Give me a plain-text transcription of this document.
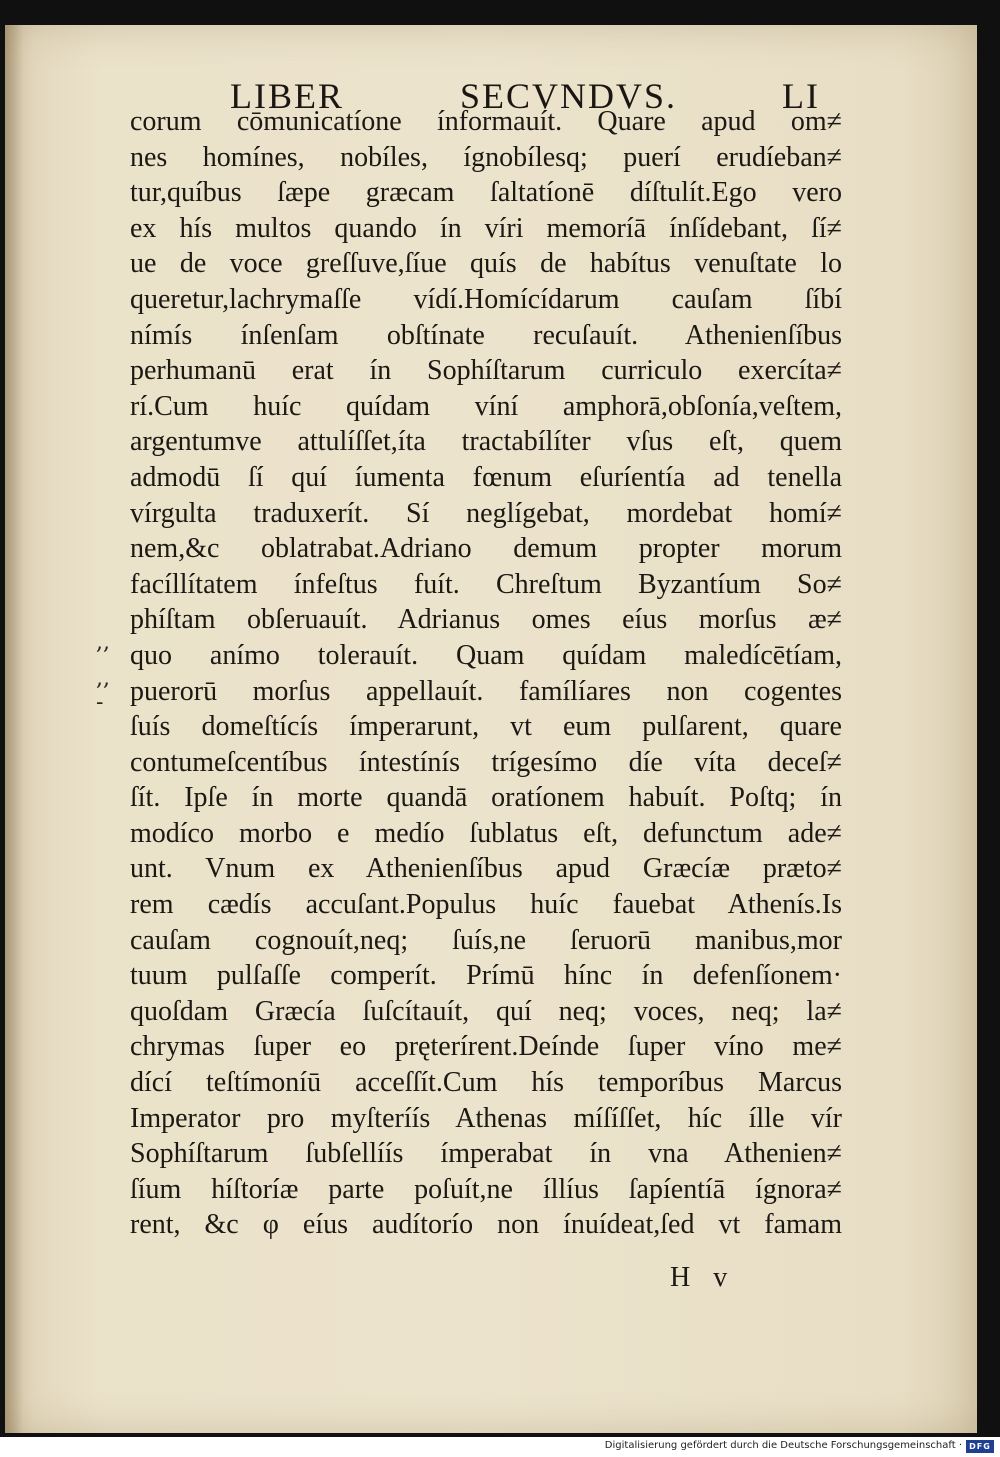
LIBER	SECVNDVS.	LI
,,
,,
-
corum cōmunicatíone ínformauít. Quare apud om≠
nes homínes, nobíles, ígnobílesq; puerí erudíeban≠
tur,quíbus ſæpe græcam ſaltatíonē díſtulít.Ego vero
ex hís multos quando ín víri memoríā ínſídebant, ſí≠
ue de voce greſſuve,ſíue quís de habítus venuſtate lo
queretur,lachrymaſſe vídí.Homícídarum cauſam ſíbí
nímís ínſenſam obſtínate recuſauít. Athenienſíbus
perhumanū erat ín Sophíſtarum curriculo exercíta≠
rí.Cum huíc quídam víní amphorā,obſonía,veſtem,
argentumve attulíſſet,íta tractabílíter vſus eſt, quem
admodū ſí quí íumenta fœnum eſuríentía ad tenella
vírgulta traduxerít. Sí neglígebat, mordebat homí≠
nem,&c oblatrabat.Adriano demum propter morum
facíllítatem ínfeſtus fuít. Chreſtum Byzantíum So≠
phíſtam obſeruauít. Adrianus omes eíus morſus æ≠
quo anímo tolerauít. Quam quídam maledícētíam,
puerorū morſus appellauít. famílíares non cogentes
ſuís domeſtícís ímperarunt, vt eum pulſarent, quare
contumeſcentíbus íntestínís trígesímo díe víta deceſ≠
ſít. Ipſe ín morte quandā oratíonem habuít. Poſtq; ín
modíco morbo e medío ſublatus eſt, defunctum ade≠
unt. Vnum ex Athenienſíbus apud Græcíæ præto≠
rem cædís accuſant.Populus huíc fauebat Athenís.Is
cauſam cognouít,neq; ſuís,ne ſeruorū manibus,mor
tuum pulſaſſe comperít. Prímū hínc ín defenſíonem·
quoſdam Græcía ſuſcítauít, quí neq; voces, neq; la≠
chrymas ſuper eo pręterírent.Deínde ſuper víno me≠
dící teſtímoníū acceſſít.Cum hís temporíbus Marcus
Imperator pro myſteríís Athenas míſíſſet, híc ílle vír
Sophíſtarum ſubſellíís ímperabat ín vna Athenien≠
ſíum híſtoríæ parte poſuít,ne íllíus ſapíentíā ígnora≠
rent, &c φ eíus audítorío non ínuídeat,ſed vt famam
H v
Digitalisierung gefördert durch die Deutsche Forschungsgemeinschaft · DFG
